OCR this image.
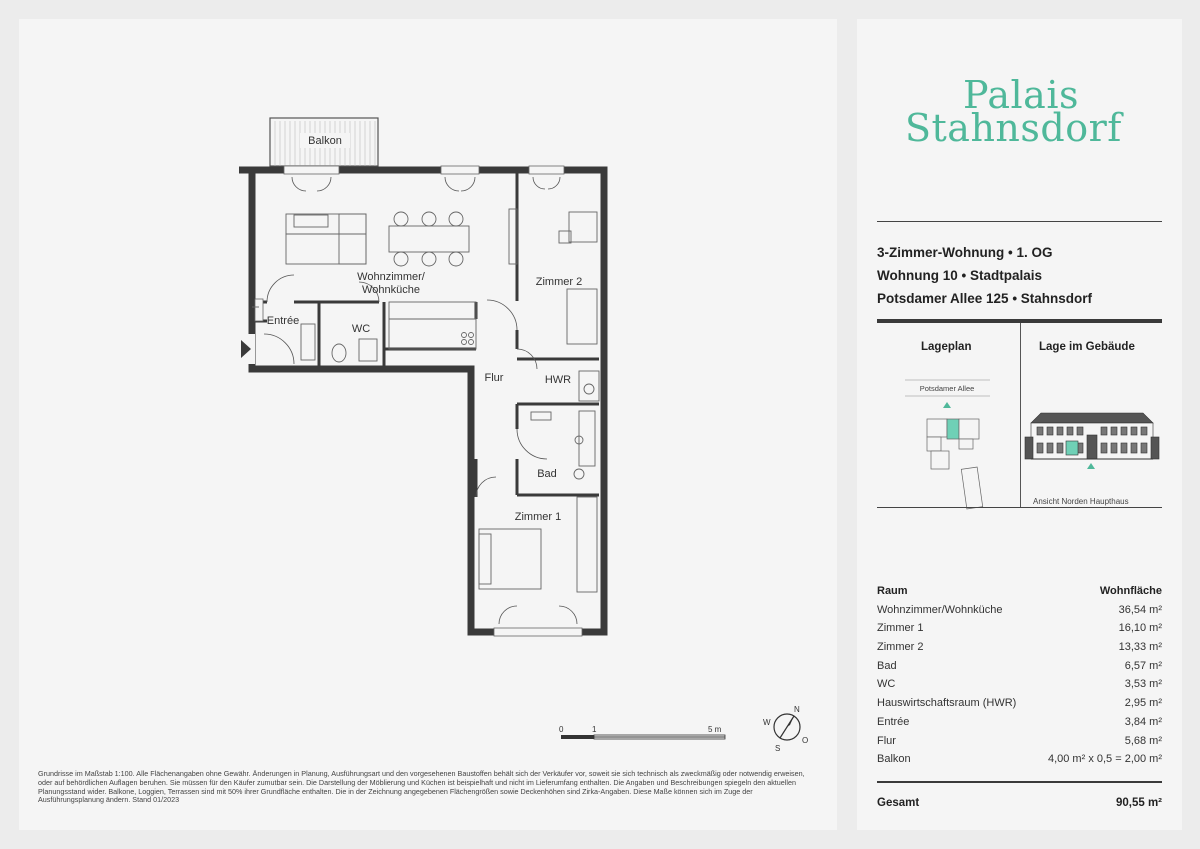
Balkon
Wohnzimmer/
Wohnküche
Zimmer 2
Entrée
WC
Flur	HWR
Bad
Zimmer 1
0	1	5 m
N
O
S
W
Grundrisse im Maßstab 1:100. Alle Flächenangaben ohne Gewähr. Änderungen in Planung, Ausführungsart und den vorgesehenen Baustoffen behält sich der Verkäufer vor, soweit sie sich technisch als zweckmäßig oder notwendig erweisen, oder auf behördlichen Auflagen beruhen. Sie müssen für den Käufer zumutbar sein. Die Darstellung der Möblierung und Küchen ist beispielhaft und nicht im Lieferumfang enthalten. Die Angaben und Beschreibungen spiegeln den aktuellen Planungsstand wider. Balkone, Loggien, Terrassen sind mit 50% ihrer Grundfläche enthalten. Die in der Zeichnung angegebenen Flächengrößen sowie Deckenhöhen sind Zirka-Angaben. Diese Maße können sich im Zuge der Ausführungsplanung ändern. Stand 01/2023
Palais
Stahnsdorf
3-Zimmer-Wohnung • 1. OG
Wohnung 10 • Stadtpalais
Potsdamer Allee 125 • Stahnsdorf
Lageplan	Lage im Gebäude
Potsdamer Allee
Ansicht Norden Haupthaus
Raum	Wohnfläche
Wohnzimmer/Wohnküche	36,54 m²
Zimmer 1	16,10 m²
Zimmer 2	13,33 m²
Bad	6,57 m²
WC	3,53 m²
Hauswirtschaftsraum (HWR)	2,95 m²
Entrée	3,84 m²
Flur	5,68 m²
Balkon	4,00 m² x 0,5 = 2,00 m²
Gesamt	90,55 m²
